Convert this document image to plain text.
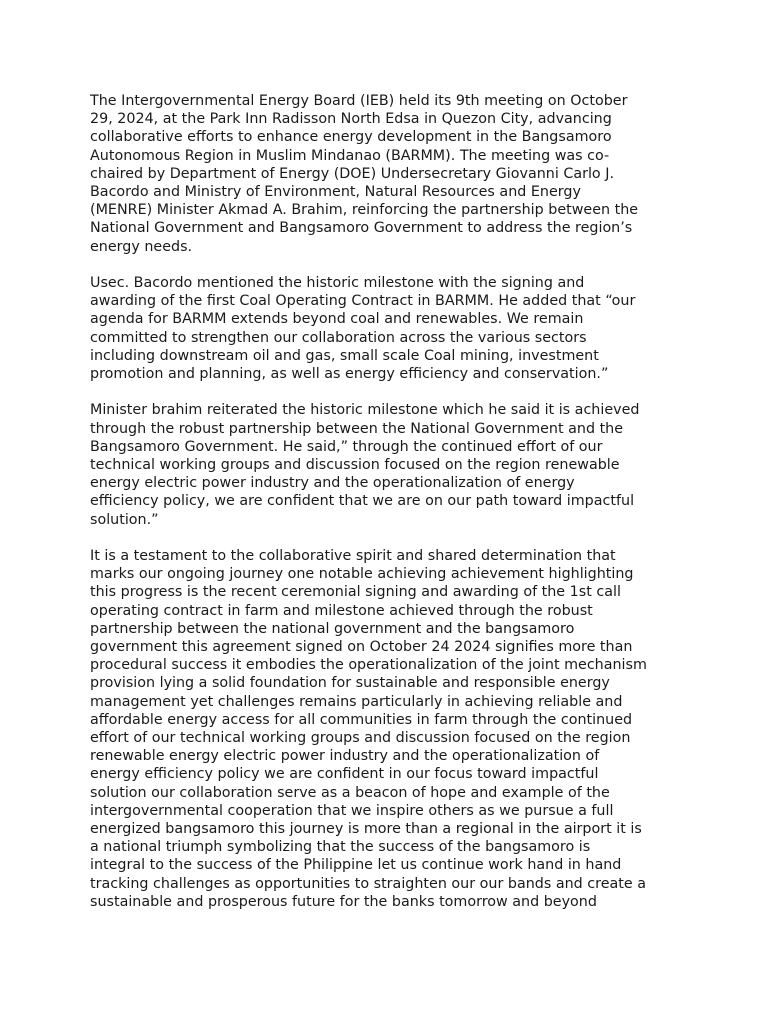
The Intergovernmental Energy Board (IEB) held its 9th meeting on October
29, 2024, at the Park Inn Radisson North Edsa in Quezon City, advancing
collaborative efforts to enhance energy development in the Bangsamoro
Autonomous Region in Muslim Mindanao (BARMM). The meeting was co-
chaired by Department of Energy (DOE) Undersecretary Giovanni Carlo J.
Bacordo and Ministry of Environment, Natural Resources and Energy
(MENRE) Minister Akmad A. Brahim, reinforcing the partnership between the
National Government and Bangsamoro Government to address the region’s
energy needs.

Usec. Bacordo mentioned the historic milestone with the signing and
awarding of the first Coal Operating Contract in BARMM. He added that “our
agenda for BARMM extends beyond coal and renewables. We remain
committed to strengthen our collaboration across the various sectors
including downstream oil and gas, small scale Coal mining, investment
promotion and planning, as well as energy efficiency and conservation.”

Minister brahim reiterated the historic milestone which he said it is achieved
through the robust partnership between the National Government and the
Bangsamoro Government. He said,” through the continued effort of our
technical working groups and discussion focused on the region renewable
energy electric power industry and the operationalization of energy
efficiency policy, we are confident that we are on our path toward impactful
solution.”

It is a testament to the collaborative spirit and shared determination that
marks our ongoing journey one notable achieving achievement highlighting
this progress is the recent ceremonial signing and awarding of the 1st call
operating contract in farm and milestone achieved through the robust
partnership between the national government and the bangsamoro
government this agreement signed on October 24 2024 signifies more than
procedural success it embodies the operationalization of the joint mechanism
provision lying a solid foundation for sustainable and responsible energy
management yet challenges remains particularly in achieving reliable and
affordable energy access for all communities in farm through the continued
effort of our technical working groups and discussion focused on the region
renewable energy electric power industry and the operationalization of
energy efficiency policy we are confident in our focus toward impactful
solution our collaboration serve as a beacon of hope and example of the
intergovernmental cooperation that we inspire others as we pursue a full
energized bangsamoro this journey is more than a regional in the airport it is
a national triumph symbolizing that the success of the bangsamoro is
integral to the success of the Philippine let us continue work hand in hand
tracking challenges as opportunities to straighten our our bands and create a
sustainable and prosperous future for the banks tomorrow and beyond
